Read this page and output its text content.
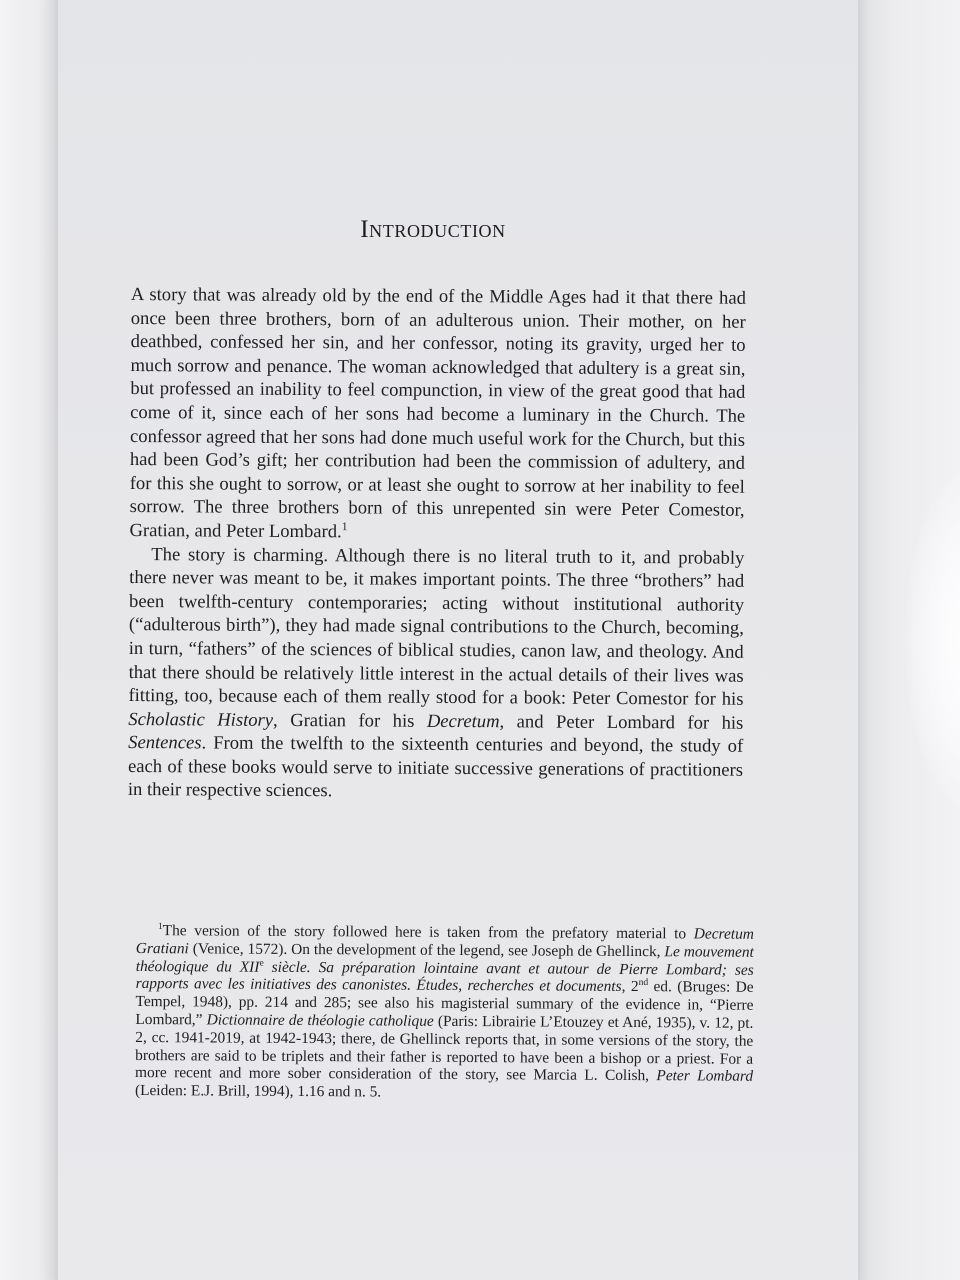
Introduction

A story that was already old by the end of the Middle Ages had it that there had once been three brothers, born of an adulterous union. Their mother, on her deathbed, confessed her sin, and her confessor, noting its gravity, urged her to much sorrow and penance. The woman acknowledged that adultery is a great sin, but professed an inability to feel compunction, in view of the great good that had come of it, since each of her sons had become a luminary in the Church. The confessor agreed that her sons had done much useful work for the Church, but this had been God’s gift; her contribution had been the commission of adultery, and for this she ought to sorrow, or at least she ought to sorrow at her inability to feel sorrow. The three brothers born of this unrepented sin were Peter Comestor, Gratian, and Peter Lombard.$^1$

The story is charming. Although there is no literal truth to it, and probably there never was meant to be, it makes important points. The three “brothers” had been twelfth-century contemporaries; acting without institutional authority (“adulterous birth”), they had made signal contributions to the Church, becoming, in turn, “fathers” of the sciences of biblical studies, canon law, and theology. And that there should be relatively little interest in the actual details of their lives was fitting, too, because each of them really stood for a book: Peter Comestor for his Scholastic History, Gratian for his Decretum, and Peter Lombard for his Sentences. From the twelfth to the sixteenth centuries and beyond, the study of each of these books would serve to initiate successive generations of practitioners in their respective sciences.

$^1$The version of the story followed here is taken from the prefatory material to Decretum Gratiani (Venice, 1572). On the development of the legend, see Joseph de Ghellinck, Le mouvement théologique du XIIe siècle. Sa préparation lointaine avant et autour de Pierre Lombard; ses rapports avec les initiatives des canonistes. Études, recherches et documents, 2nd ed. (Bruges: De Tempel, 1948), pp. 214 and 285; see also his magisterial summary of the evidence in, “Pierre Lombard,” Dictionnaire de théologie catholique (Paris: Librairie L’Etouzey et Ané, 1935), v. 12, pt. 2, cc. 1941-2019, at 1942-1943; there, de Ghellinck reports that, in some versions of the story, the brothers are said to be triplets and their father is reported to have been a bishop or a priest. For a more recent and more sober consideration of the story, see Marcia L. Colish, Peter Lombard (Leiden: E.J. Brill, 1994), 1.16 and n. 5.
